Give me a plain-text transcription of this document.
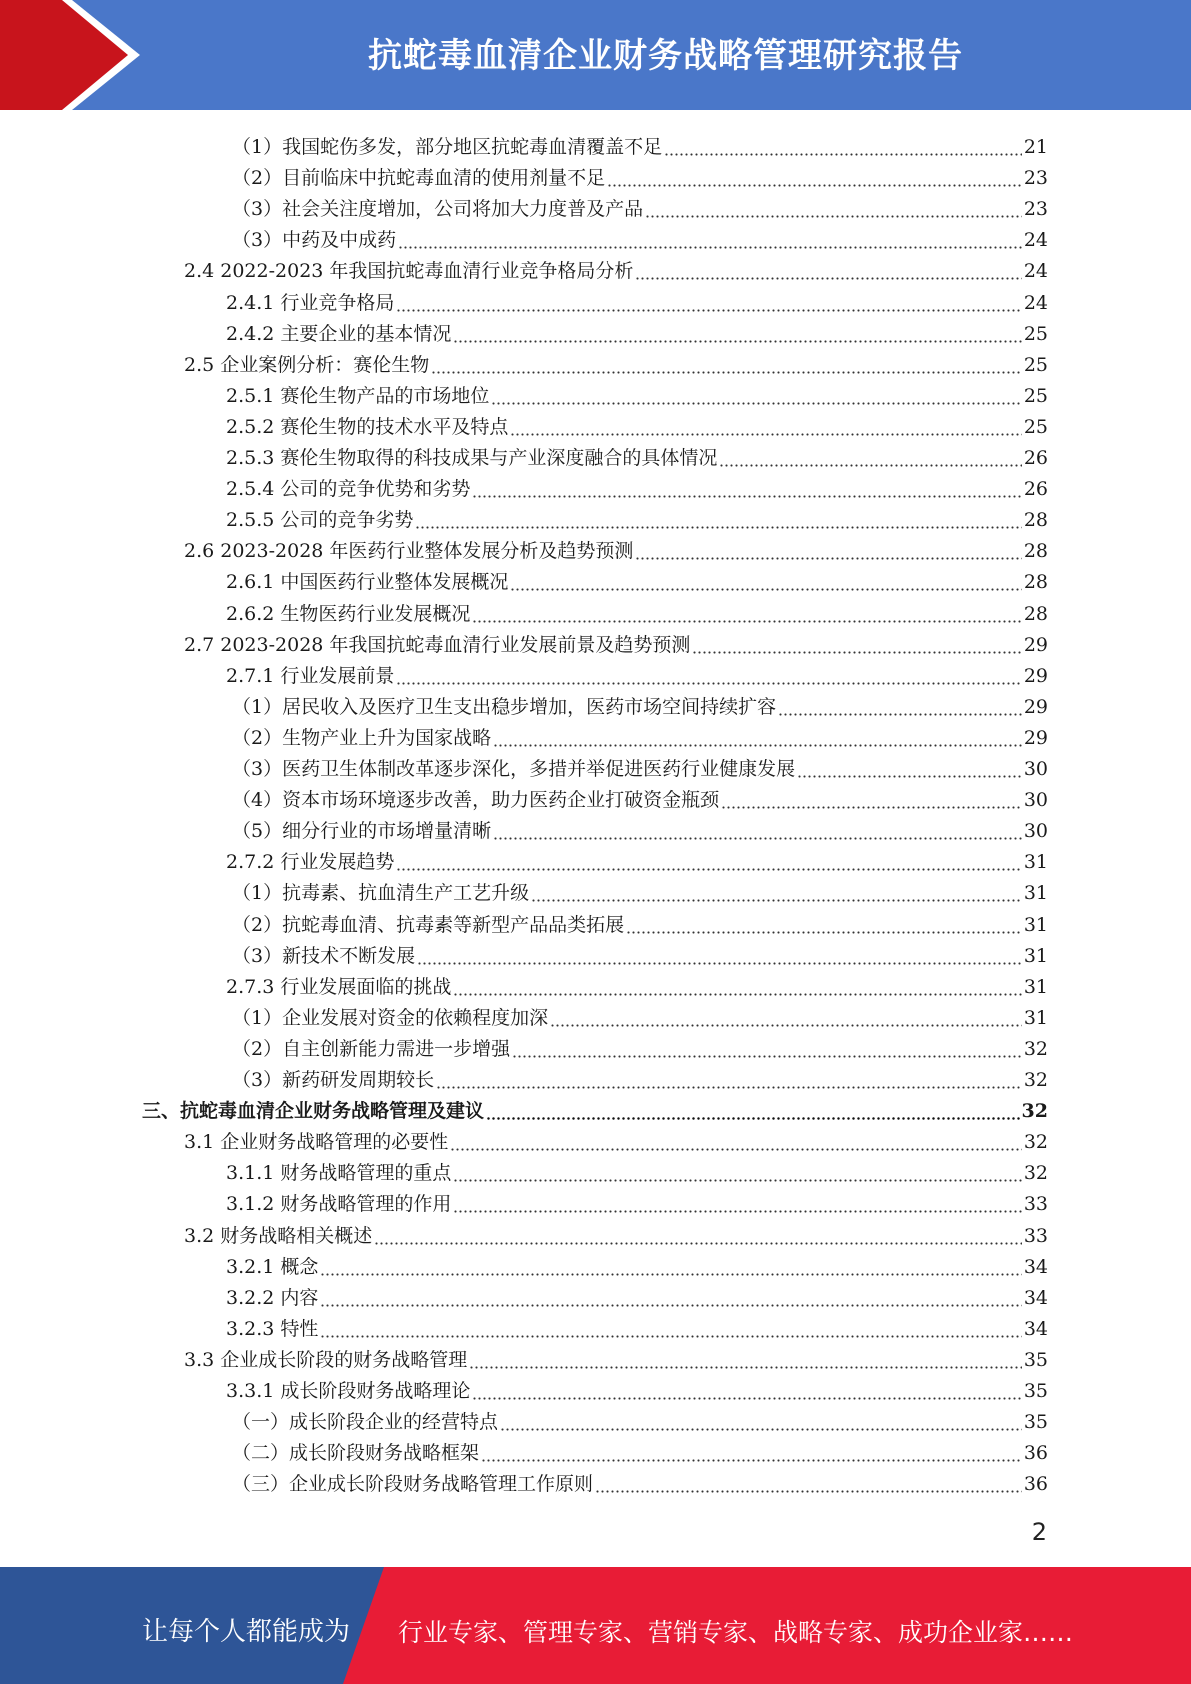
抗蛇毒血清企业财务战略管理研究报告
（1）我国蛇伤多发，部分地区抗蛇毒血清覆盖不足	21
（2）目前临床中抗蛇毒血清的使用剂量不足	23
（3）社会关注度增加，公司将加大力度普及产品	23
（3）中药及中成药	24
2.4 2022-2023 年我国抗蛇毒血清行业竞争格局分析	24
2.4.1 行业竞争格局	24
2.4.2 主要企业的基本情况	25
2.5 企业案例分析：赛伦生物	25
2.5.1 赛伦生物产品的市场地位	25
2.5.2 赛伦生物的技术水平及特点	25
2.5.3 赛伦生物取得的科技成果与产业深度融合的具体情况	26
2.5.4 公司的竞争优势和劣势	26
2.5.5 公司的竞争劣势	28
2.6 2023-2028 年医药行业整体发展分析及趋势预测	28
2.6.1 中国医药行业整体发展概况	28
2.6.2 生物医药行业发展概况	28
2.7 2023-2028 年我国抗蛇毒血清行业发展前景及趋势预测	29
2.7.1 行业发展前景	29
（1）居民收入及医疗卫生支出稳步增加，医药市场空间持续扩容	29
（2）生物产业上升为国家战略	29
（3）医药卫生体制改革逐步深化，多措并举促进医药行业健康发展	30
（4）资本市场环境逐步改善，助力医药企业打破资金瓶颈	30
（5）细分行业的市场增量清晰	30
2.7.2 行业发展趋势	31
（1）抗毒素、抗血清生产工艺升级	31
（2）抗蛇毒血清、抗毒素等新型产品品类拓展	31
（3）新技术不断发展	31
2.7.3 行业发展面临的挑战	31
（1）企业发展对资金的依赖程度加深	31
（2）自主创新能力需进一步增强	32
（3）新药研发周期较长	32
三、抗蛇毒血清企业财务战略管理及建议	32
3.1 企业财务战略管理的必要性	32
3.1.1 财务战略管理的重点	32
3.1.2 财务战略管理的作用	33
3.2 财务战略相关概述	33
3.2.1 概念	34
3.2.2 内容	34
3.2.3 特性	34
3.3 企业成长阶段的财务战略管理	35
3.3.1 成长阶段财务战略理论	35
（一）成长阶段企业的经营特点	35
（二）成长阶段财务战略框架	36
（三）企业成长阶段财务战略管理工作原则	36
2
让每个人都能成为 行业专家、管理专家、营销专家、战略专家、成功企业家……
